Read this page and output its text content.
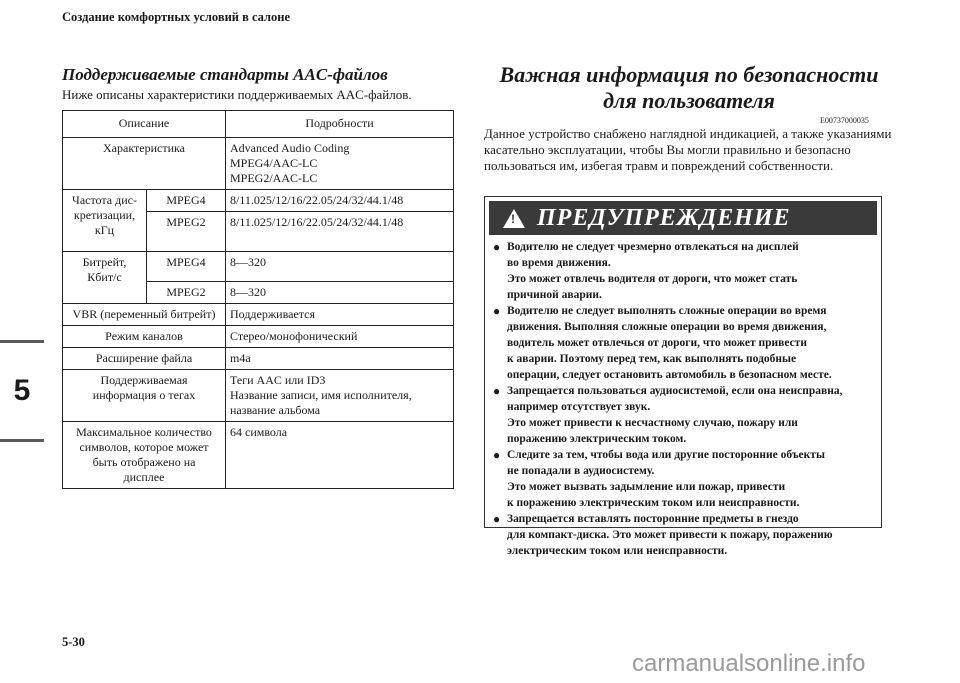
Создание комфортных условий в салоне
5
Поддерживаемые стандарты AAC-файлов
Ниже описаны характеристики поддерживаемых AAC-файлов.
Описание		Подробности
Характеристика		Advanced Audio Coding
MPEG4/AAC-LC
MPEG2/AAC-LC

Частота дис-кретизации, кГц	MPEG4	8/11.025/12/16/22.05/24/32/44.1/48
	MPEG2	8/11.025/12/16/22.05/24/32/44.1/48
Битрейт, Кбит/с	MPEG4	8—320
	MPEG2	8—320
VBR (переменный битрейт)		Поддерживается
Режим каналов		Стерео/монофонический
Расширение файла		m4a
Поддерживаемая информация о тегах		Теги AAC или ID3
Название записи, имя исполнителя, название альбома

Максимальное количество символов, которое может быть отображено на дисплее		64 символа
Важная информация по безопасности
для пользователя
E00737000035
Данное устройство снабжено наглядной индикацией, а также указаниями касательно эксплуатации, чтобы Вы могли правильно и безопасно пользоваться им, избегая травм и повреждений собственности.
! ПРЕДУПРЕЖДЕНИЕ
● Водителю не следует чрезмерно отвлекаться на дисплей
во время движения.
Это может отвлечь водителя от дороги, что может стать
причиной аварии.
● Водителю не следует выполнять сложные операции во время
движения. Выполняя сложные операции во время движения,
водитель может отвлечься от дороги, что может привести
к аварии. Поэтому перед тем, как выполнять подобные
операции, следует остановить автомобиль в безопасном месте.
● Запрещается пользоваться аудиосистемой, если она неисправна,
например отсутствует звук.
Это может привести к несчастному случаю, пожару или
поражению электрическим током.
● Следите за тем, чтобы вода или другие посторонние объекты
не попадали в аудиосистему.
Это может вызвать задымление или пожар, привести
к поражению электрическим током или неисправности.
● Запрещается вставлять посторонние предметы в гнездо
для компакт-диска. Это может привести к пожару, поражению
электрическим током или неисправности.
5-30
carmanualsonline.info
